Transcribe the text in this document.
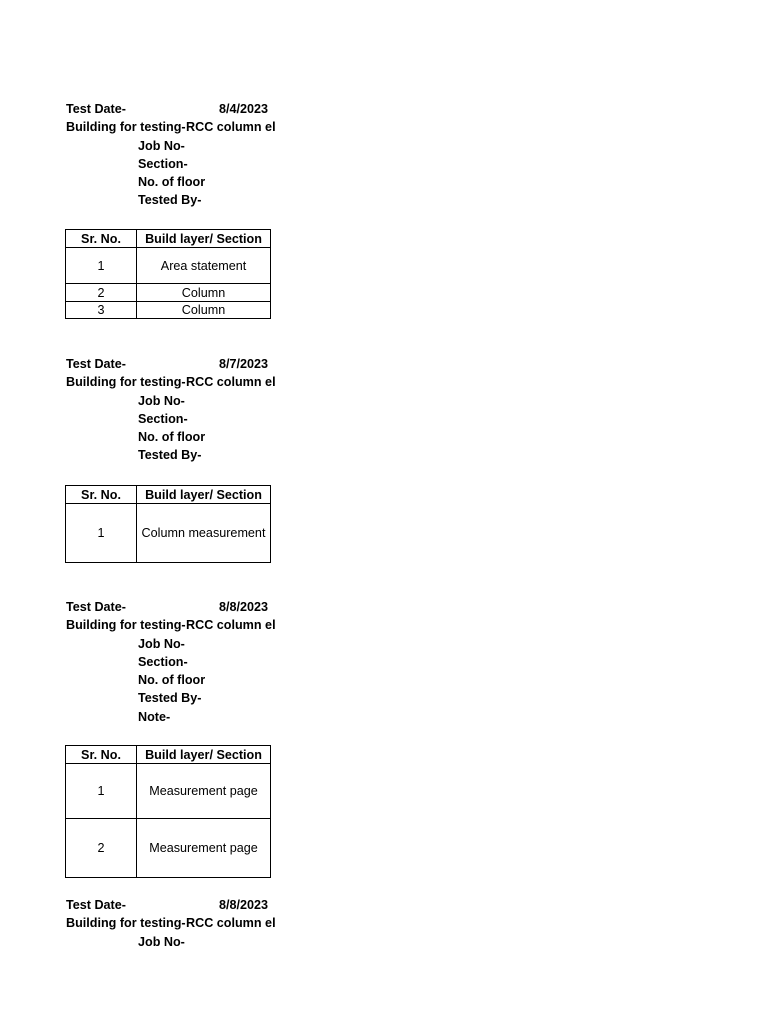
Test Date-	8/4/2023
Building for testing- RCC column el
Job No-
Section-
No. of floor
Tested By-
Sr. No.	Build layer/ Section
1	Area statement
2	Column
3	Column
Test Date-	8/7/2023
Building for testing- RCC column el
Job No-
Section-
No. of floor
Tested By-
Sr. No.	Build layer/ Section
1	Column measurement
Test Date-	8/8/2023
Building for testing- RCC column el
Job No-
Section-
No. of floor
Tested By-
Note-
Sr. No.	Build layer/ Section
1	Measurement page
2	Measurement page
Test Date-	8/8/2023
Building for testing- RCC column el
Job No-
